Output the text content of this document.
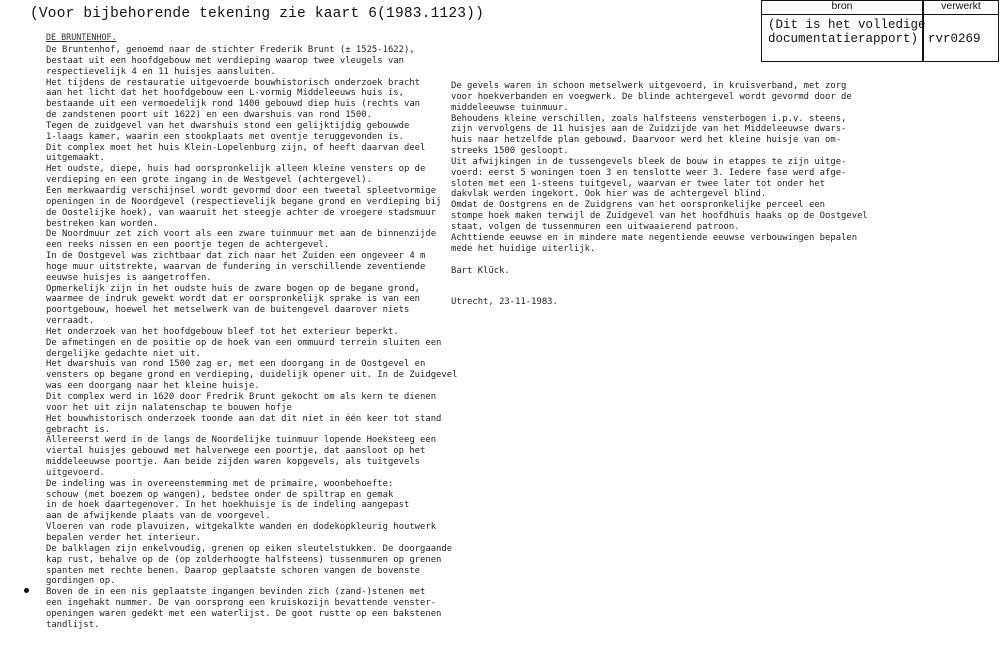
(Voor bijbehorende tekening zie kaart 6(1983.1123))	bron	verwerkt
(Dit is het volledige
documentatierapport) rvr0269
DE BRUNTENHOF.
De Bruntenhof, genoemd naar de stichter Frederik Brunt (± 1525-1622),
bestaat uit een hoofdgebouw met verdieping waarop twee vleugels van
respectievelijk 4 en 11 huisjes aansluiten.
Het tijdens de restauratie uitgevoerde bouwhistorisch onderzoek bracht
aan het licht dat het hoofdgebouw een L-vormig Middeleeuws huis is,
bestaande uit een vermoedelijk rond 1400 gebouwd diep huis (rechts van
de zandstenen poort uit 1622) en een dwarshuis van rond 1500.
Tegen de zuidgevel van het dwarshuis stond een gelijktijdig gebouwde
1-laags kamer, waarin een stookplaats met oventje teruggevonden is.
Dit complex moet het huis Klein-Lopelenburg zijn, of heeft daarvan deel
uitgemaakt.
Het oudste, diepe, huis had oorspronkelijk alleen kleine vensters op de
verdieping en een grote ingang in de Westgevel (achtergevel).
Een merkwaardig verschijnsel wordt gevormd door een tweetal spleetvormige
openingen in de Noordgevel (respectievelijk begane grond en verdieping bij
de Oostelijke hoek), van waaruit het steegje achter de vroegere stadsmuur
bestreken kan worden.
De Noordmuur zet zich voort als een zware tuinmuur met aan de binnenzijde
een reeks nissen en een poortje tegen de achtergevel.
In de Oostgevel was zichtbaar dat zich naar het Zuiden een ongeveer 4 m
hoge muur uitstrekte, waarvan de fundering in verschillende zeventiende
eeuwse huisjes is aangetroffen.
Opmerkelijk zijn in het oudste huis de zware bogen op de begane grond,
waarmee de indruk gewekt wordt dat er oorspronkelijk sprake is van een
poortgebouw, hoewel het metselwerk van de buitengevel daarover niets
verraadt.
Het onderzoek van het hoofdgebouw bleef tot het exterieur beperkt.
De afmetingen en de positie op de hoek van een ommuurd terrein sluiten een
dergelijke gedachte niet uit.
Het dwarshuis van rond 1500 zag er, met een doorgang in de Oostgevel en
vensters op begane grond en verdieping, duidelijk opener uit. In de Zuidgevel
was een doorgang naar het kleine huisje.
Dit complex werd in 1620 door Fredrik Brunt gekocht om als kern te dienen
voor het uit zijn nalatenschap te bouwen hofje
Het bouwhistorisch onderzoek toonde aan dat dit niet in één keer tot stand
gebracht is.
Allereerst werd in de langs de Noordelijke tuinmuur lopende Hoeksteeg een
viertal huisjes gebouwd met halverwege een poortje, dat aansloot op het
middeleeuwse poortje. Aan beide zijden waren kopgevels, als tuitgevels
uitgevoerd.
De indeling was in overeenstemming met de primaire, woonbehoefte:
schouw (met boezem op wangen), bedstee onder de spiltrap en gemak
in de hoek daartegenover. In het hoekhuisje is de indeling aangepast
aan de afwijkende plaats van de voorgevel.
Vloeren van rode plavuizen, witgekalkte wanden en dodekopkleurig houtwerk
bepalen verder het interieur.
De balklagen zijn enkelvoudig, grenen op eiken sleutelstukken. De doorgaande
kap rust, behalve op de (op zolderhoogte halfsteens) tussenmuren op grenen
spanten met rechte benen. Daarop geplaatste schoren vangen de bovenste
gordingen op.
Boven de in een nis geplaatste ingangen bevinden zich (zand-)stenen met
een ingehakt nummer. De van oorsprong een kruiskozijn bevattende venster-
openingen waren gedekt met een waterlijst. De goot rustte op een bakstenen
tandlijst.
De gevels waren in schoon metselwerk uitgevoerd, in kruisverband, met zorg
voor hoekverbanden en voegwerk. De blinde achtergevel wordt gevormd door de
middeleeuwse tuinmuur.
Behoudens kleine verschillen, zoals halfsteens vensterbogen i.p.v. steens,
zijn vervolgens de 11 huisjes aan de Zuidzijde van het Middeleeuwse dwars-
huis naar hetzelfde plan gebouwd. Daarvoor werd het kleine huisje van om-
streeks 1500 gesloopt.
Uit afwijkingen in de tussengevels bleek de bouw in etappes te zijn uitge-
voerd: eerst 5 woningen toen 3 en tenslotte weer 3. Iedere fase werd afge-
sloten met een 1-steens tuitgevel, waarvan er twee later tot onder het
dakvlak werden ingekort. Ook hier was de achtergevel blind.
Omdat de Oostgrens en de Zuidgrens van het oorspronkelijke perceel een
stompe hoek maken terwijl de Zuidgevel van het hoofdhuis haaks op de Oostgevel
staat, volgen de tussenmuren een uitwaaierend patroon.
Achttiende eeuwse en in mindere mate negentiende eeuwse verbouwingen bepalen
mede het huidige uiterlijk.
Bart Klück.
Utrecht, 23-11-1983.
